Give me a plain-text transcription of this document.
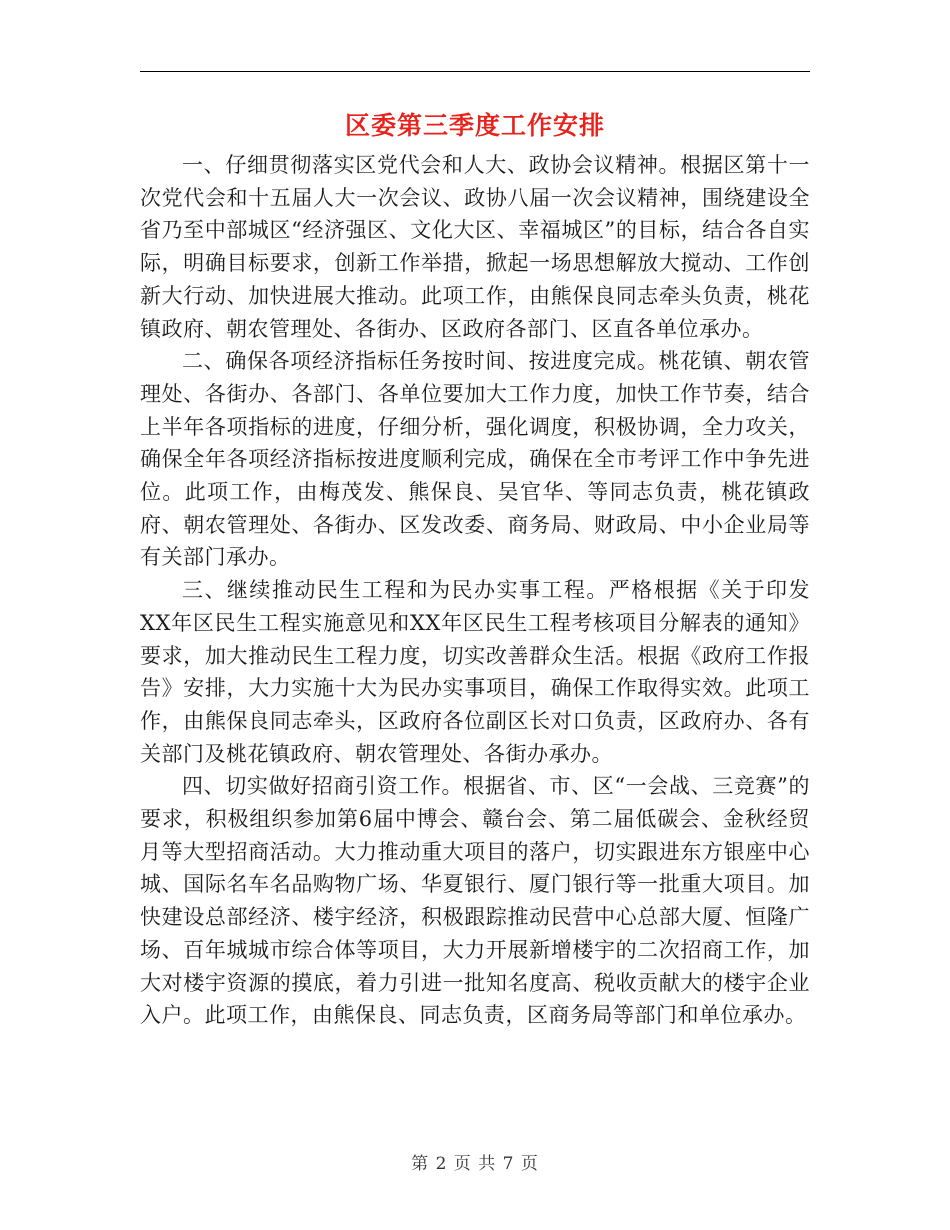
区委第三季度工作安排

一、仔细贯彻落实区党代会和人大、政协会议精神。根据区第十一次党代会和十五届人大一次会议、政协八届一次会议精神，围绕建设全省乃至中部城区“经济强区、文化大区、幸福城区”的目标，结合各自实际，明确目标要求，创新工作举措，掀起一场思想解放大搅动、工作创新大行动、加快进展大推动。此项工作，由熊保良同志牵头负责，桃花镇政府、朝农管理处、各街办、区政府各部门、区直各单位承办。

二、确保各项经济指标任务按时间、按进度完成。桃花镇、朝农管理处、各街办、各部门、各单位要加大工作力度，加快工作节奏，结合上半年各项指标的进度，仔细分析，强化调度，积极协调，全力攻关，确保全年各项经济指标按进度顺利完成，确保在全市考评工作中争先进位。此项工作，由梅茂发、熊保良、吴官华、等同志负责，桃花镇政府、朝农管理处、各街办、区发改委、商务局、财政局、中小企业局等有关部门承办。

三、继续推动民生工程和为民办实事工程。严格根据《关于印发XX年区民生工程实施意见和XX年区民生工程考核项目分解表的通知》要求，加大推动民生工程力度，切实改善群众生活。根据《政府工作报告》安排，大力实施十大为民办实事项目，确保工作取得实效。此项工作，由熊保良同志牵头，区政府各位副区长对口负责，区政府办、各有关部门及桃花镇政府、朝农管理处、各街办承办。

四、切实做好招商引资工作。根据省、市、区“一会战、三竞赛”的要求，积极组织参加第6届中博会、赣台会、第二届低碳会、金秋经贸月等大型招商活动。大力推动重大项目的落户，切实跟进东方银座中心城、国际名车名品购物广场、华夏银行、厦门银行等一批重大项目。加快建设总部经济、楼宇经济，积极跟踪推动民营中心总部大厦、恒隆广场、百年城城市综合体等项目，大力开展新增楼宇的二次招商工作，加大对楼宇资源的摸底，着力引进一批知名度高、税收贡献大的楼宇企业入户。此项工作，由熊保良、同志负责，区商务局等部门和单位承办。

第 2 页 共 7 页
